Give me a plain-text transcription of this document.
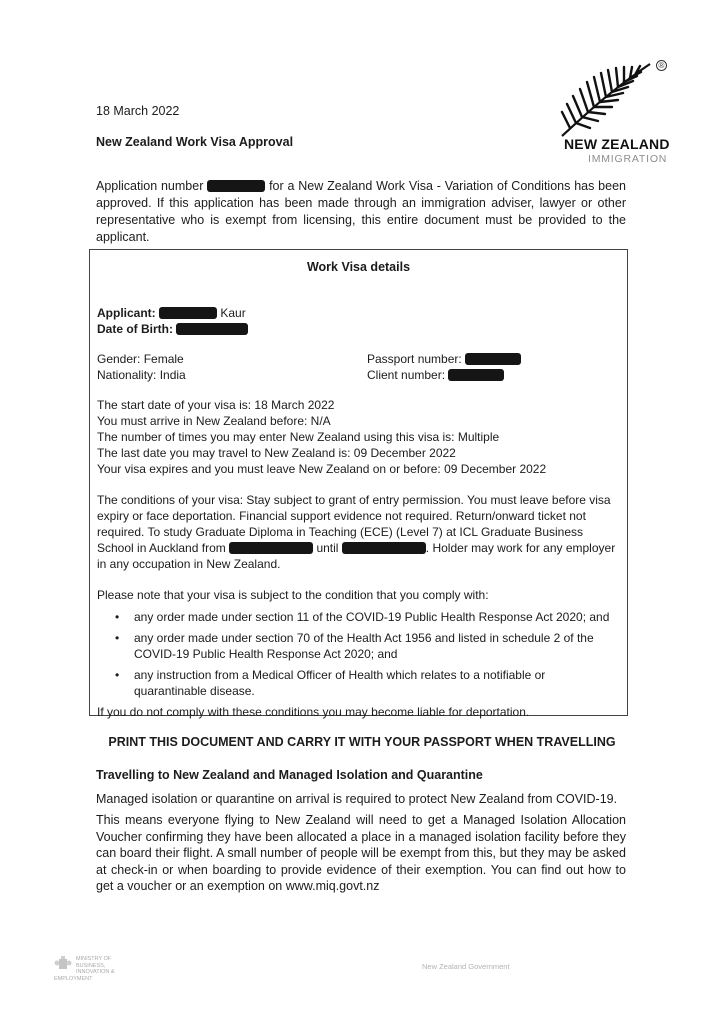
18 March 2022
New Zealand Work Visa Approval
®
NEW ZEALAND
IMMIGRATION
Application number	for a New Zealand Work Visa - Variation of Conditions has been approved. If this application has been made through an immigration adviser, lawyer or other representative who is exempt from licensing, this entire document must be provided to the applicant.
Work Visa details
Applicant:	Kaur
Date of Birth:
Gender: Female
Nationality: India
Passport number:
Client number:
The start date of your visa is: 18 March 2022
You must arrive in New Zealand before: N/A
The number of times you may enter New Zealand using this visa is: Multiple
The last date you may travel to New Zealand is: 09 December 2022
Your visa expires and you must leave New Zealand on or before: 09 December 2022
The conditions of your visa: Stay subject to grant of entry permission. You must leave before visa expiry or face deportation. Financial support evidence not required. Return/onward ticket not required. To study Graduate Diploma in Teaching (ECE) (Level 7) at ICL Graduate Business School in Auckland from	until	. Holder may work for any employer in any occupation in New Zealand.
Please note that your visa is subject to the condition that you comply with:
• any order made under section 11 of the COVID-19 Public Health Response Act 2020; and
• any order made under section 70 of the Health Act 1956 and listed in schedule 2 of the COVID-19 Public Health Response Act 2020; and
• any instruction from a Medical Officer of Health which relates to a notifiable or quarantinable disease.
If you do not comply with these conditions you may become liable for deportation.
PRINT THIS DOCUMENT AND CARRY IT WITH YOUR PASSPORT WHEN TRAVELLING
Travelling to New Zealand and Managed Isolation and Quarantine
Managed isolation or quarantine on arrival is required to protect New Zealand from COVID-19.
This means everyone flying to New Zealand will need to get a Managed Isolation Allocation Voucher confirming they have been allocated a place in a managed isolation facility before they can board their flight. A small number of people will be exempt from this, but they may be asked at check-in or when boarding to provide evidence of their exemption. You can find out how to get a voucher or an exemption on www.miq.govt.nz
MINISTRY OF BUSINESS,
INNOVATION & EMPLOYMENT
New Zealand Government
